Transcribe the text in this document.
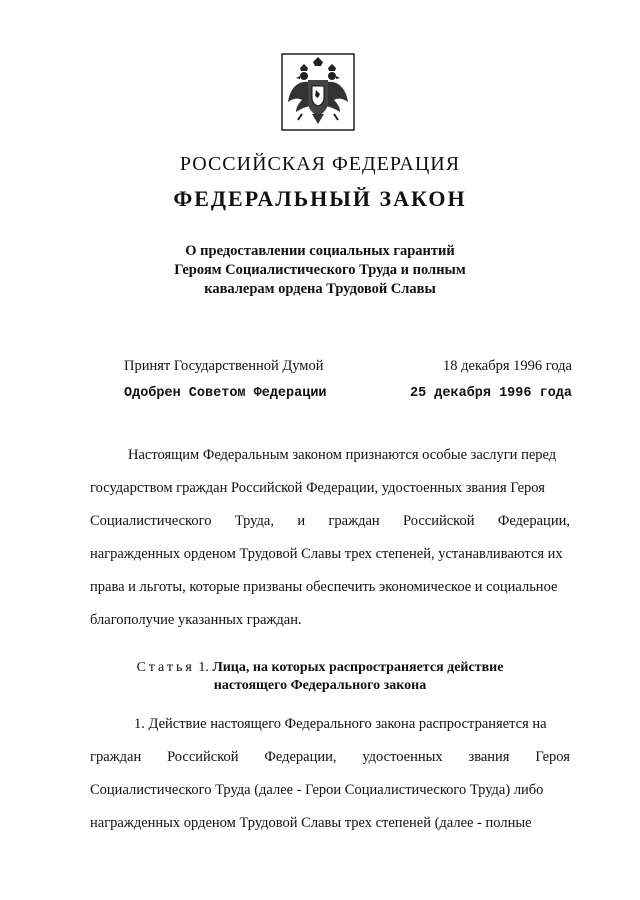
РОССИЙСКАЯ ФЕДЕРАЦИЯ
ФЕДЕРАЛЬНЫЙ ЗАКОН
О предоставлении социальных гарантий
Героям Социалистического Труда и полным
кавалерам ордена Трудовой Славы
Принят Государственной Думой	18 декабря 1996 года
Одобрен Советом Федерации	25 декабря 1996 года
Настоящим Федеральным законом признаются особые заслуги перед
государством граждан Российской Федерации, удостоенных звания Героя
Социалистического Труда, и граждан Российской Федерации,
награжденных орденом Трудовой Славы трех степеней, устанавливаются их
права и льготы, которые призваны обеспечить экономическое и социальное
благополучие указанных граждан.
Статья 1. Лица, на которых распространяется действие
настоящего Федерального закона
1. Действие настоящего Федерального закона распространяется на
граждан Российской Федерации, удостоенных звания Героя
Социалистического Труда (далее - Герои Социалистического Труда) либо
награжденных орденом Трудовой Славы трех степеней (далее - полные
